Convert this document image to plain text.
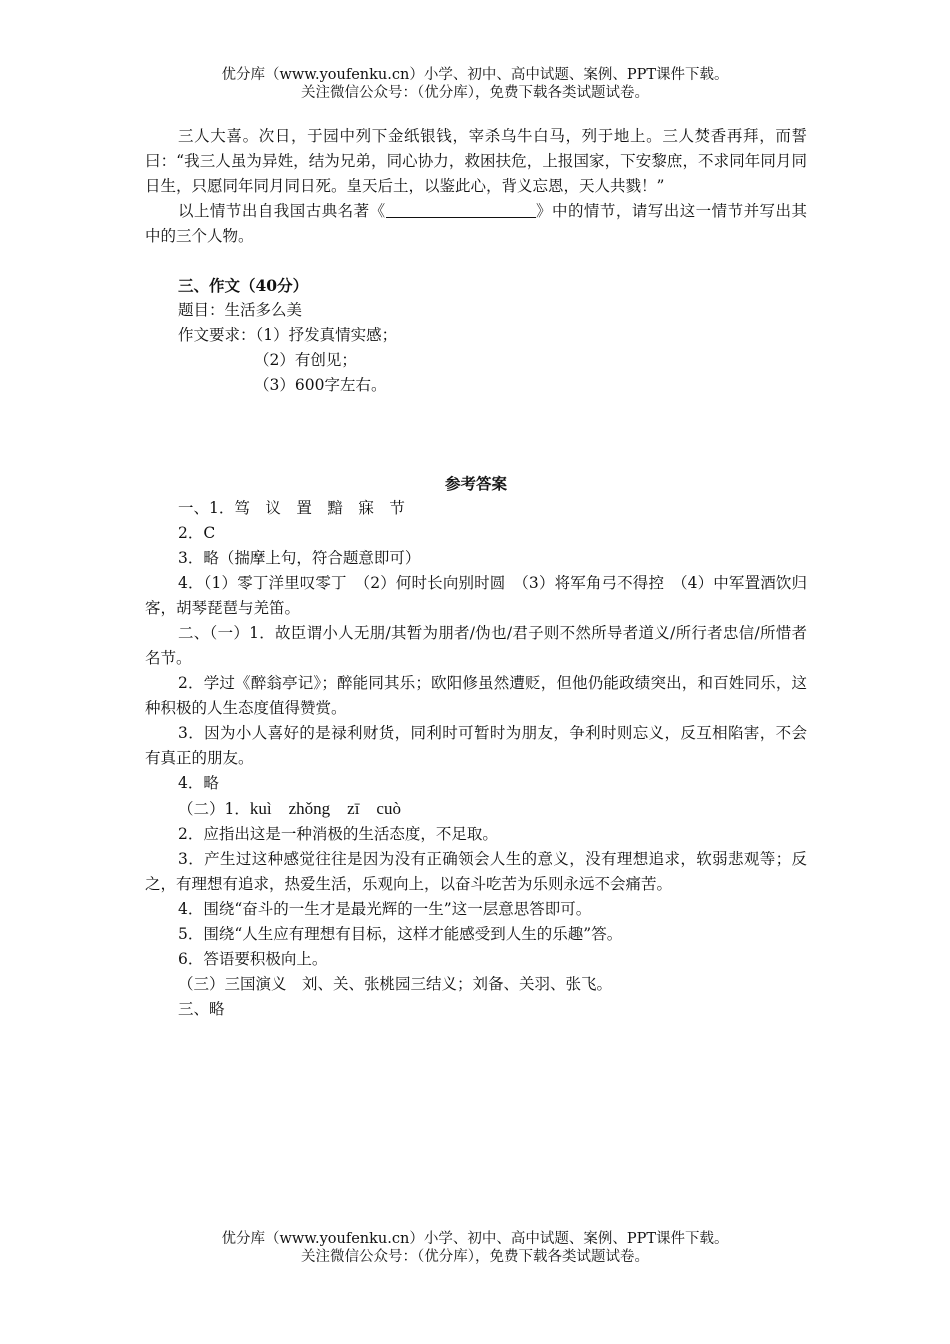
优分库（www.youfenku.cn）小学、初中、高中试题、案例、PPT课件下载。
关注微信公众号：（优分库），免费下载各类试题试卷。

三人大喜。次日，于园中列下金纸银钱，宰杀乌牛白马，列于地上。三人焚香再拜，而誓曰：“我三人虽为异姓，结为兄弟，同心协力，救困扶危，上报国家，下安黎庶，不求同年同月同日生，只愿同年同月同日死。皇天后土，以鉴此心，背义忘恩，天人共戮！”

以上情节出自我国古典名著《	》中的情节，请写出这一情节并写出其中的三个人物。

三、作文（40分）

题目：生活多么美

作文要求：（1）抒发真情实感；

（2）有创见；

（3）600字左右。

参考答案

一、1．笃　议　置　黯　寐　节

2．C

3．略（揣摩上句，符合题意即可）

4．（1）零丁洋里叹零丁　（2）何时长向别时圆　（3）将军角弓不得控　（4）中军置酒饮归客，胡琴琵琶与羌笛。

二、（一）1．故臣谓小人无朋/其暂为朋者/伪也/君子则不然所导者道义/所行者忠信/所惜者名节。

2．学过《醉翁亭记》；醉能同其乐；欧阳修虽然遭贬，但他仍能政绩突出，和百姓同乐，这种积极的人生态度值得赞赏。

3．因为小人喜好的是禄利财货，同利时可暂时为朋友，争利时则忘义，反互相陷害，不会有真正的朋友。

4．略

（二）1．kuì　zhǒng　zī　cuò

2．应指出这是一种消极的生活态度，不足取。

3．产生过这种感觉往往是因为没有正确领会人生的意义，没有理想追求，软弱悲观等；反之，有理想有追求，热爱生活，乐观向上，以奋斗吃苦为乐则永远不会痛苦。

4．围绕“奋斗的一生才是最光辉的一生”这一层意思答即可。

5．围绕“人生应有理想有目标，这样才能感受到人生的乐趣”答。

6．答语要积极向上。

（三）三国演义　刘、关、张桃园三结义；刘备、关羽、张飞。

三、略

优分库（www.youfenku.cn）小学、初中、高中试题、案例、PPT课件下载。
关注微信公众号：（优分库），免费下载各类试题试卷。
